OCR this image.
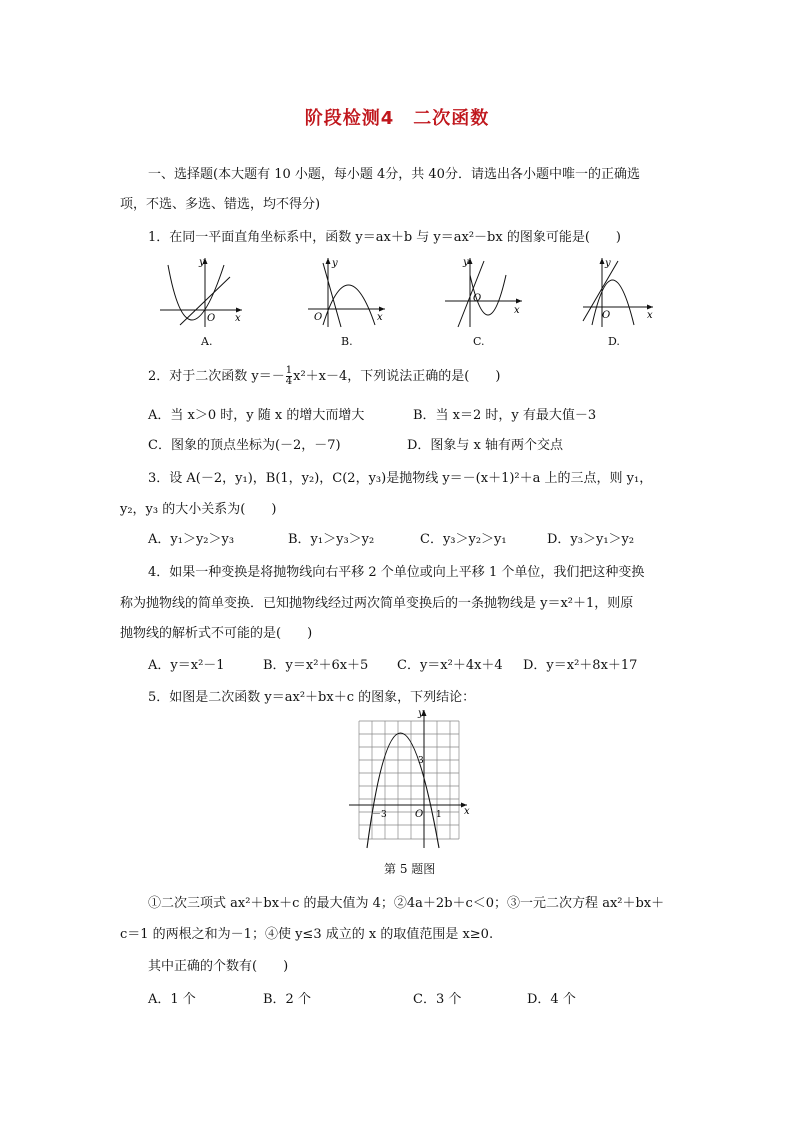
阶段检测4　二次函数
一、选择题(本大题有 10 小题，每小题 4分，共 40分．请选出各小题中唯一的正确选
项，不选、多选、错选，均不得分)
1．在同一平面直角坐标系中，函数 y＝ax＋b 与 y＝ax²－bx 的图象可能是(　　)
y
x
O
A.
y
x
O
B.
y
x
O
C.
y
x
O
D.
2．对于二次函数 $y=- \frac{1}{4} x^2+x-4$，下列说法正确的是(　　)
A．当 x＞0 时，y 随 x 的增大而增大	B．当 x＝2 时，y 有最大值－3
C．图象的顶点坐标为(－2，－7)	D．图象与 x 轴有两个交点
3．设 A(－2，y₁)，B(1，y₂)，C(2，y₃)是抛物线 y＝－(x＋1)²＋a 上的三点，则 y₁，
y₂，y₃ 的大小关系为(　　)
A．y₁＞y₂＞y₃	B．y₁＞y₃＞y₂	C．y₃＞y₂＞y₁	D．y₃＞y₁＞y₂
4．如果一种变换是将抛物线向右平移 2 个单位或向上平移 1 个单位，我们把这种变换
称为抛物线的简单变换．已知抛物线经过两次简单变换后的一条抛物线是 y＝x²＋1，则原
抛物线的解析式不可能的是(　　)
A．y＝x²－1	B．y＝x²＋6x＋5 C．y＝x²＋4x＋4 D．y＝x²＋8x＋17
5．如图是二次函数 y＝ax²＋bx＋c 的图象，下列结论：
y
x
O
－3	1
3
第 5 题图
①二次三项式 ax²＋bx＋c 的最大值为 4；②4a＋2b＋c＜0；③一元二次方程 ax²＋bx＋
c＝1 的两根之和为－1；④使 y≤3 成立的 x 的取值范围是 x≥0.
其中正确的个数有(　　)
A．1 个	B．2 个	C．3 个	D．4 个
